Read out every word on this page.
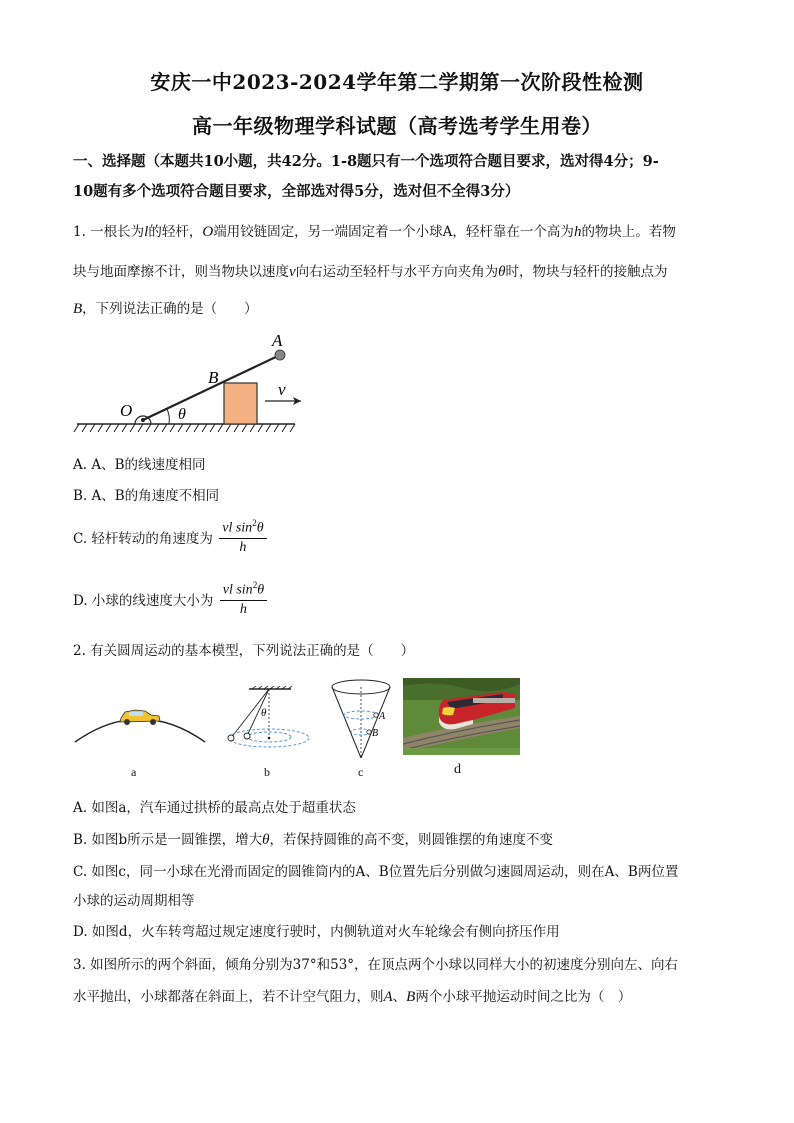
安庆一中2023-2024学年第二学期第一次阶段性检测
高一年级物理学科试题（高考选考学生用卷）
一、选择题（本题共10小题，共42分。1-8题只有一个选项符合题目要求，选对得4分；9-
10题有多个选项符合题目要求，全部选对得5分，选对但不全得3分）
1. 一根长为l的轻杆，O端用铰链固定，另一端固定着一个小球A，轻杆靠在一个高为h的物块上。若物
块与地面摩擦不计，则当物块以速度v向右运动至轻杆与水平方向夹角为θ时，物块与轻杆的接触点为
B，下列说法正确的是（　　）
A
B
O	θ
v
A. A、B的线速度相同
B. A、B的角速度不相同
C. 轻杆转动的角速度为 $\frac{vl \sin^2\theta}{h}$
D. 小球的线速度大小为 $\frac{vl \sin^2\theta}{h}$
2. 有关圆周运动的基本模型，下列说法正确的是（　　）
a
θ
b
A
B
c	d
A. 如图a，汽车通过拱桥的最高点处于超重状态
B. 如图b所示是一圆锥摆，增大θ，若保持圆锥的高不变，则圆锥摆的角速度不变
C. 如图c，同一小球在光滑而固定的圆锥筒内的A、B位置先后分别做匀速圆周运动，则在A、B两位置
小球的运动周期相等
D. 如图d，火车转弯超过规定速度行驶时，内侧轨道对火车轮缘会有侧向挤压作用
3. 如图所示的两个斜面，倾角分别为37°和53°，在顶点两个小球以同样大小的初速度分别向左、向右
水平抛出，小球都落在斜面上，若不计空气阻力，则A、B两个小球平抛运动时间之比为（　）
